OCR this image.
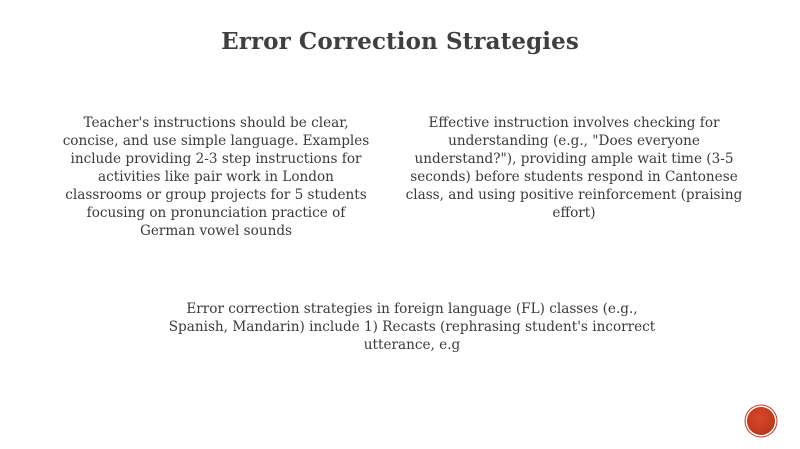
Error Correction Strategies
Teacher's instructions should be clear,
concise, and use simple language. Examples
include providing 2-3 step instructions for
activities like pair work in London
classrooms or group projects for 5 students
focusing on pronunciation practice of
German vowel sounds
Effective instruction involves checking for
understanding (e.g., "Does everyone
understand?"), providing ample wait time (3-5
seconds) before students respond in Cantonese
class, and using positive reinforcement (praising
effort)
Error correction strategies in foreign language (FL) classes (e.g.,
Spanish, Mandarin) include 1) Recasts (rephrasing student's incorrect
utterance, e.g
